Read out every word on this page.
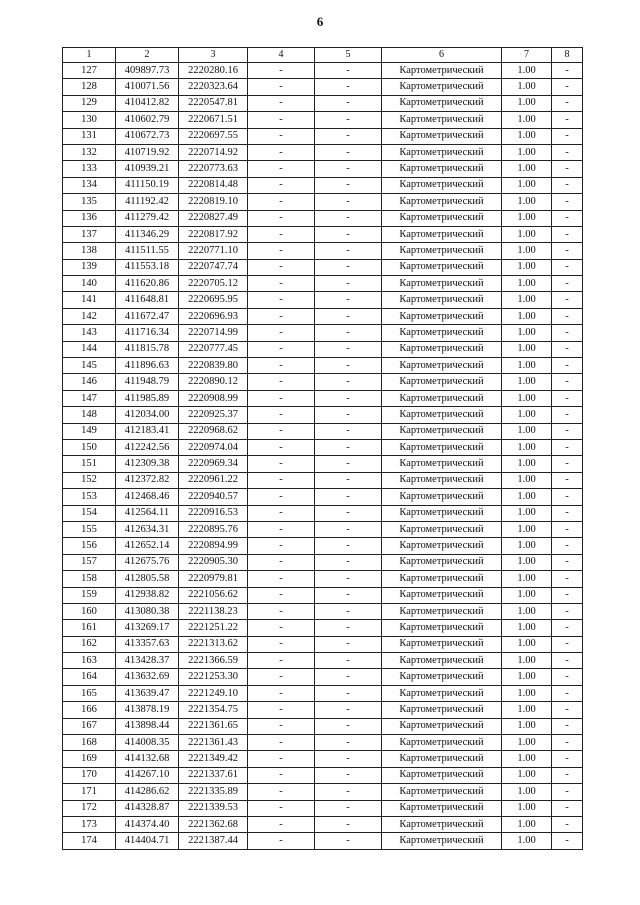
6
1	2	3	4	5	6	7	8
127	409897.73	2220280.16	-	-	Картометрический	1.00	-
128	410071.56	2220323.64	-	-	Картометрический	1.00	-
129	410412.82	2220547.81	-	-	Картометрический	1.00	-
130	410602.79	2220671.51	-	-	Картометрический	1.00	-
131	410672.73	2220697.55	-	-	Картометрический	1.00	-
132	410719.92	2220714.92	-	-	Картометрический	1.00	-
133	410939.21	2220773.63	-	-	Картометрический	1.00	-
134	411150.19	2220814.48	-	-	Картометрический	1.00	-
135	411192.42	2220819.10	-	-	Картометрический	1.00	-
136	411279.42	2220827.49	-	-	Картометрический	1.00	-
137	411346.29	2220817.92	-	-	Картометрический	1.00	-
138	411511.55	2220771.10	-	-	Картометрический	1.00	-
139	411553.18	2220747.74	-	-	Картометрический	1.00	-
140	411620.86	2220705.12	-	-	Картометрический	1.00	-
141	411648.81	2220695.95	-	-	Картометрический	1.00	-
142	411672.47	2220696.93	-	-	Картометрический	1.00	-
143	411716.34	2220714.99	-	-	Картометрический	1.00	-
144	411815.78	2220777.45	-	-	Картометрический	1.00	-
145	411896.63	2220839.80	-	-	Картометрический	1.00	-
146	411948.79	2220890.12	-	-	Картометрический	1.00	-
147	411985.89	2220908.99	-	-	Картометрический	1.00	-
148	412034.00	2220925.37	-	-	Картометрический	1.00	-
149	412183.41	2220968.62	-	-	Картометрический	1.00	-
150	412242.56	2220974.04	-	-	Картометрический	1.00	-
151	412309.38	2220969.34	-	-	Картометрический	1.00	-
152	412372.82	2220961.22	-	-	Картометрический	1.00	-
153	412468.46	2220940.57	-	-	Картометрический	1.00	-
154	412564.11	2220916.53	-	-	Картометрический	1.00	-
155	412634.31	2220895.76	-	-	Картометрический	1.00	-
156	412652.14	2220894.99	-	-	Картометрический	1.00	-
157	412675.76	2220905.30	-	-	Картометрический	1.00	-
158	412805.58	2220979.81	-	-	Картометрический	1.00	-
159	412938.82	2221056.62	-	-	Картометрический	1.00	-
160	413080.38	2221138.23	-	-	Картометрический	1.00	-
161	413269.17	2221251.22	-	-	Картометрический	1.00	-
162	413357.63	2221313.62	-	-	Картометрический	1.00	-
163	413428.37	2221366.59	-	-	Картометрический	1.00	-
164	413632.69	2221253.30	-	-	Картометрический	1.00	-
165	413639.47	2221249.10	-	-	Картометрический	1.00	-
166	413878.19	2221354.75	-	-	Картометрический	1.00	-
167	413898.44	2221361.65	-	-	Картометрический	1.00	-
168	414008.35	2221361.43	-	-	Картометрический	1.00	-
169	414132.68	2221349.42	-	-	Картометрический	1.00	-
170	414267.10	2221337.61	-	-	Картометрический	1.00	-
171	414286.62	2221335.89	-	-	Картометрический	1.00	-
172	414328.87	2221339.53	-	-	Картометрический	1.00	-
173	414374.40	2221362.68	-	-	Картометрический	1.00	-
174	414404.71	2221387.44	-	-	Картометрический	1.00	-
